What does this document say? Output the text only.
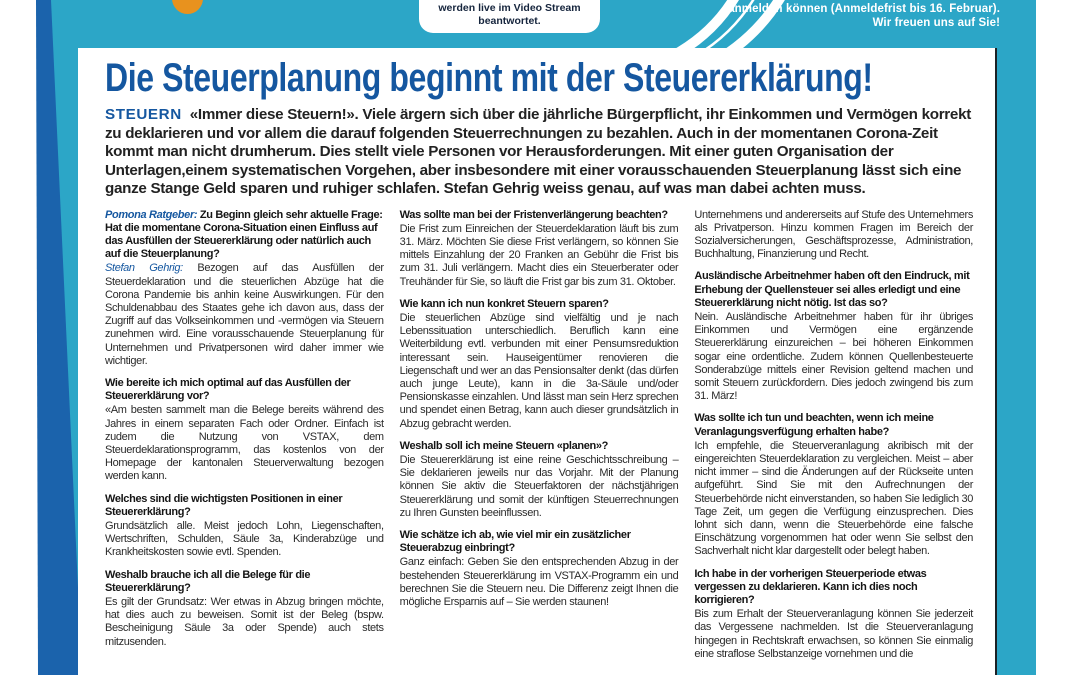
werden live im Video Stream beantwortet.
anmelden können (Anmeldefrist bis 16. Februar).
Wir freuen uns auf Sie!
Die Steuerplanung beginnt mit der Steuererklärung!

STEUERN «Immer diese Steuern!». Viele ärgern sich über die jährliche Bürgerpflicht, ihr Einkommen und Vermögen korrekt zu deklarieren und vor allem die darauf folgenden Steuerrechnungen zu bezahlen. Auch in der momentanen Corona-Zeit kommt man nicht drumherum. Dies stellt viele Personen vor Herausforderungen. Mit einer guten Organisation der Unterlagen,einem systematischen Vorgehen, aber insbesondere mit einer vorausschauenden Steuerplanung lässt sich eine ganze Stange Geld sparen und ruhiger schlafen. Stefan Gehrig weiss genau, auf was man dabei achten muss.

Pomona Ratgeber: Zu Beginn gleich sehr aktuelle Frage: Hat die momentane Corona-Situation einen Einfluss auf das Ausfüllen der Steuererklärung oder natürlich auch auf die Steuerplanung?

Stefan Gehrig: Bezogen auf das Ausfüllen der Steuerdeklaration und die steuerlichen Abzüge hat die Corona Pandemie bis anhin keine Auswirkungen. Für den Schuldenabbau des Staates gehe ich davon aus, dass der Zugriff auf das Volkseinkommen und -vermögen via Steuern zunehmen wird. Eine vorausschauende Steuerplanung für Unternehmen und Privatpersonen wird daher immer wie wichtiger.

Wie bereite ich mich optimal auf das Ausfüllen der Steuererklärung vor?

«Am besten sammelt man die Belege bereits während des Jahres in einem separaten Fach oder Ordner. Einfach ist zudem die Nutzung von VSTAX, dem Steuerdeklarationsprogramm, das kostenlos von der Homepage der kantonalen Steuerverwaltung bezogen werden kann.

Welches sind die wichtigsten Positionen in einer Steuererklärung?

Grundsätzlich alle. Meist jedoch Lohn, Liegenschaften, Wertschriften, Schulden, Säule 3a, Kinderabzüge und Krankheitskosten sowie evtl. Spenden.

Weshalb brauche ich all die Belege für die Steuererklärung?

Es gilt der Grundsatz: Wer etwas in Abzug bringen möchte, hat dies auch zu beweisen. Somit ist der Beleg (bspw. Bescheinigung Säule 3a oder Spende) auch stets mitzusenden.

Was sollte man bei der Fristenverlängerung beachten?

Die Frist zum Einreichen der Steuerdeklaration läuft bis zum 31. März. Möchten Sie diese Frist verlängern, so können Sie mittels Einzahlung der 20 Franken an Gebühr die Frist bis zum 31. Juli verlängern. Macht dies ein Steuerberater oder Treuhänder für Sie, so läuft die Frist gar bis zum 31. Oktober.

Wie kann ich nun konkret Steuern sparen?

Die steuerlichen Abzüge sind vielfältig und je nach Lebenssituation unterschiedlich. Beruflich kann eine Weiterbildung evtl. verbunden mit einer Pensumsreduktion interessant sein. Hauseigentümer renovieren die Liegenschaft und wer an das Pensionsalter denkt (das dürfen auch junge Leute), kann in die 3a-Säule und/oder Pensionskasse einzahlen. Und lässt man sein Herz sprechen und spendet einen Betrag, kann auch dieser grundsätzlich in Abzug gebracht werden.

Weshalb soll ich meine Steuern «planen»?

Die Steuererklärung ist eine reine Geschichtsschreibung – Sie deklarieren jeweils nur das Vorjahr. Mit der Planung können Sie aktiv die Steuerfaktoren der nächstjährigen Steuererklärung und somit der künftigen Steuerrechnungen zu Ihren Gunsten beeinflussen.

Wie schätze ich ab, wie viel mir ein zusätzlicher Steuerabzug einbringt?

Ganz einfach: Geben Sie den entsprechenden Abzug in der bestehenden Steuererklärung im VSTAX-Programm ein und berechnen Sie die Steuern neu. Die Differenz zeigt Ihnen die mögliche Ersparnis auf – Sie werden staunen!

Unternehmens und andererseits auf Stufe des Unternehmers als Privatperson. Hinzu kommen Fragen im Bereich der Sozialversicherungen, Geschäftsprozesse, Administration, Buchhaltung, Finanzierung und Recht.

Ausländische Arbeitnehmer haben oft den Eindruck, mit Erhebung der Quellensteuer sei alles erledigt und eine Steuererklärung nicht nötig. Ist das so?

Nein. Ausländische Arbeitnehmer haben für ihr übriges Einkommen und Vermögen eine ergänzende Steuererklärung einzureichen – bei höheren Einkommen sogar eine ordentliche. Zudem können Quellenbesteuerte Sonderabzüge mittels einer Revision geltend machen und somit Steuern zurückfordern. Dies jedoch zwingend bis zum 31. März!

Was sollte ich tun und beachten, wenn ich meine Veranlagungsverfügung erhalten habe?

Ich empfehle, die Steuerveranlagung akribisch mit der eingereichten Steuerdeklaration zu vergleichen. Meist – aber nicht immer – sind die Änderungen auf der Rückseite unten aufgeführt. Sind Sie mit den Aufrechnungen der Steuerbehörde nicht einverstanden, so haben Sie lediglich 30 Tage Zeit, um gegen die Verfügung einzusprechen. Dies lohnt sich dann, wenn die Steuerbehörde eine falsche Einschätzung vorgenommen hat oder wenn Sie selbst den Sachverhalt nicht klar dargestellt oder belegt haben.

Ich habe in der vorherigen Steuerperiode etwas vergessen zu deklarieren. Kann ich dies noch korrigieren?

Bis zum Erhalt der Steuerveranlagung können Sie jederzeit das Vergessene nachmelden. Ist die Steuerveranlagung hingegen in Rechtskraft erwachsen, so können Sie einmalig eine straflose Selbstanzeige vornehmen und die
